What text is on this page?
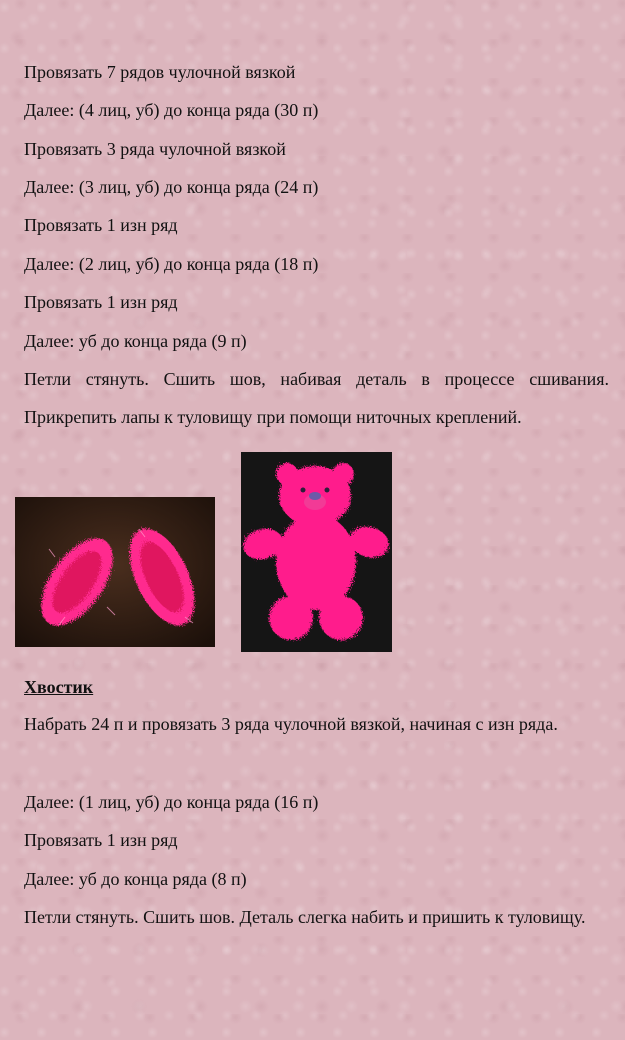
Провязать 7 рядов чулочной вязкой
Далее: (4 лиц, уб) до конца ряда (30 п)
Провязать 3 ряда чулочной вязкой
Далее: (3 лиц, уб) до конца ряда (24 п)
Провязать 1 изн ряд
Далее: (2 лиц, уб) до конца ряда (18 п)
Провязать 1 изн ряд
Далее: уб до конца ряда (9 п)
Петли стянуть. Сшить шов, набивая деталь в процессе сшивания. Прикрепить лапы к туловищу при помощи ниточных креплений.
Хвостик
Набрать 24 п и провязать 3 ряда чулочной вязкой, начиная с изн ряда.
Далее: (1 лиц, уб) до конца ряда (16 п)
Провязать 1 изн ряд
Далее: уб до конца ряда (8 п)
Петли стянуть. Сшить шов. Деталь слегка набить и пришить к туловищу.
